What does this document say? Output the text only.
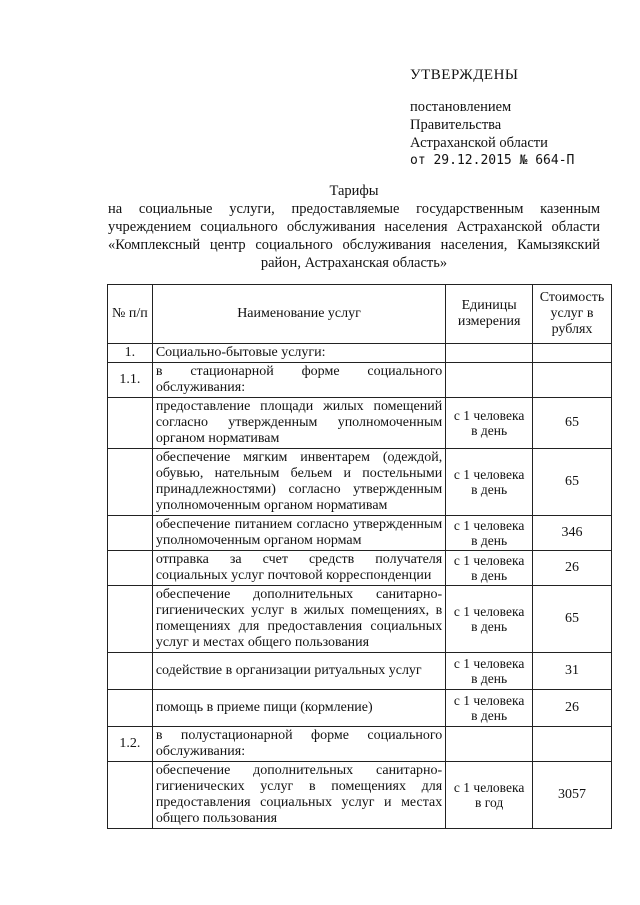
УТВЕРЖДЕНЫ
постановлением
Правительства
Астраханской области
от 29.12.2015 № 664-П
Тарифы
на социальные услуги, предоставляемые государственным казенным учреждением социального обслуживания населения Астраханской области «Комплексный центр социального обслуживания населения, Камызякский район, Астраханская область»
№ п/п	Наименование услуг	Единицы измерения	Стоимость услуг в рублях
1.	Социально-бытовые услуги:		
1.1.	в стационарной форме социального обслуживания:		
	предоставление площади жилых помещений согласно утвержденным уполномоченным органом нормативам	с 1 человека в день	65
	обеспечение мягким инвентарем (одеждой, обувью, нательным бельем и постельными принадлежностями) согласно утвержденным уполномоченным органом нормативам	с 1 человека в день	65
	обеспечение питанием согласно утвержденным уполномоченным органом нормам	с 1 человека в день	346
	отправка за счет средств получателя социальных услуг почтовой корреспонденции	с 1 человека в день	26
	обеспечение дополнительных санитарно-гигиенических услуг в жилых помещениях, в помещениях для предоставления социальных услуг и местах общего пользования	с 1 человека в день	65
	содействие в организации ритуальных услуг	с 1 человека в день	31
	помощь в приеме пищи (кормление)	с 1 человека в день	26
1.2.	в полустационарной форме социального обслуживания:		
	обеспечение дополнительных санитарно-гигиенических услуг в помещениях для предоставления социальных услуг и местах общего пользования	с 1 человека в год	3057
